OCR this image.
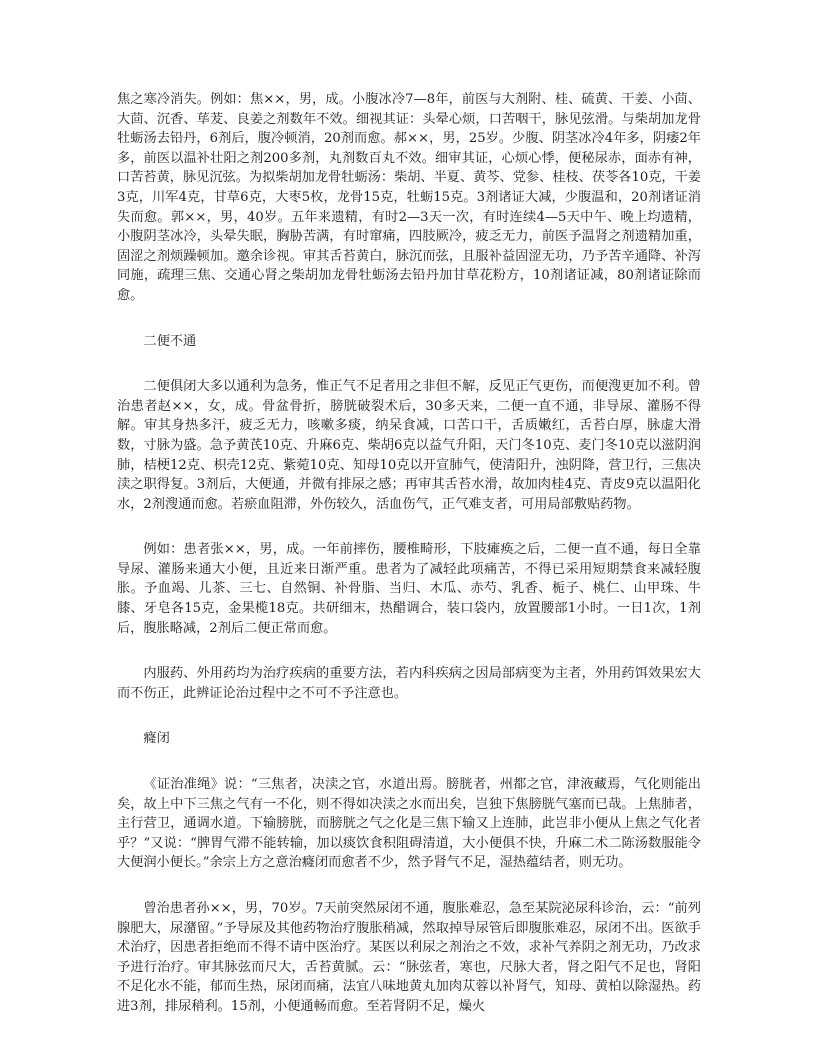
焦之寒冷消失。例如：焦××，男，成。小腹冰冷7—8年，前医与大剂附、桂、硫黄、干姜、小茴、大茴、沉香、荜茇、良姜之剂数年不效。细视其证：头晕心烦，口苦咽干，脉见弦滑。与柴胡加龙骨牡蛎汤去铅丹，6剂后，腹冷顿消，20剂而愈。郝××，男，25岁。少腹、阴茎冰冷4年多，阴痿2年多，前医以温补壮阳之剂200多剂，丸剂数百丸不效。细审其证，心烦心悸，便秘尿赤，面赤有神，口苦苔黄，脉见沉弦。为拟柴胡加龙骨牡蛎汤：柴胡、半夏、黄芩、党参、桂枝、茯苓各10克，干姜3克，川军4克，甘草6克，大枣5枚，龙骨15克，牡蛎15克。3剂诸证大减，少腹温和，20剂诸证消失而愈。郭××，男，40岁。五年来遗精，有时2—3天一次，有时连续4—5天中午、晚上均遗精，小腹阴茎冰冷，头晕失眠，胸胁苦满，有时窜痛，四肢厥冷，疲乏无力，前医予温肾之剂遗精加重，固涩之剂烦躁顿加。邀余诊视。审其舌苔黄白，脉沉而弦，且服补益固涩无功，乃予苦辛通降、补泻同施，疏理三焦、交通心肾之柴胡加龙骨牡蛎汤去铅丹加甘草花粉方，10剂诸证减，80剂诸证除而愈。

二便不通

二便俱闭大多以通利为急务，惟正气不足者用之非但不解，反见正气更伤，而便溲更加不利。曾治患者赵××，女，成。骨盆骨折，膀胱破裂术后，30多天来，二便一直不通，非导尿、灌肠不得解。审其身热多汗，疲乏无力，咳嗽多痰，纳呆食减，口苦口干，舌质嫩红，舌苔白厚，脉虚大滑数，寸脉为盛。急予黄芪10克、升麻6克、柴胡6克以益气升阳，天门冬10克、麦门冬10克以滋阴润肺，桔梗12克、枳壳12克、紫菀10克、知母10克以开宣肺气，使清阳升，浊阴降，营卫行，三焦决渎之职得复。3剂后，大便通，并微有排尿之感；再审其舌苔水滑，故加肉桂4克、青皮9克以温阳化水，2剂溲通而愈。若瘀血阻滞，外伤较久，活血伤气，正气难支者，可用局部敷贴药物。

例如：患者张××，男，成。一年前摔伤，腰椎畸形，下肢瘫痪之后，二便一直不通，每日全靠导尿、灌肠来通大小便，且近来日渐严重。患者为了减轻此项痛苦，不得已采用短期禁食来减轻腹胀。予血竭、儿茶、三七、自然铜、补骨脂、当归、木瓜、赤芍、乳香、栀子、桃仁、山甲珠、牛膝、牙皂各15克，金果榄18克。共研细末，热醋调合，装口袋内，放置腰部1小时。一日1次，1剂后，腹胀略减，2剂后二便正常而愈。

内服药、外用药均为治疗疾病的重要方法，若内科疾病之因局部病变为主者，外用药饵效果宏大而不伤正，此辨证论治过程中之不可不予注意也。

癃闭

《证治准绳》说：“三焦者，决渎之官，水道出焉。膀胱者，州都之官，津液藏焉，气化则能出矣，故上中下三焦之气有一不化，则不得如决渎之水而出矣，岂独下焦膀胱气塞而已哉。上焦肺者，主行营卫，通调水道。下输膀胱，而膀胱之气之化是三焦下输又上连肺，此岂非小便从上焦之气化者乎？”又说：“脾胃气滞不能转输，加以痰饮食积阻碍清道，大小便俱不快，升麻二术二陈汤数服能令大便润小便长。”余宗上方之意治癃闭而愈者不少，然予肾气不足，湿热蕴结者，则无功。

曾治患者孙××，男，70岁。7天前突然尿闭不通，腹胀难忍，急至某院泌尿科诊治，云：“前列腺肥大，尿潴留。”予导尿及其他药物治疗腹胀稍减，然取掉导尿管后即腹胀难忍，尿闭不出。医欲手术治疗，因患者拒绝而不得不请中医治疗。某医以利尿之剂治之不效，求补气养阴之剂无功，乃改求予进行治疗。审其脉弦而尺大，舌苔黄腻。云：“脉弦者，寒也，尺脉大者，肾之阳气不足也，肾阳不足化水不能，郁而生热，尿闭而痛，法宜八味地黄丸加肉苁蓉以补肾气，知母、黄柏以除湿热。药进3剂，排尿稍利。15剂，小便通畅而愈。至若肾阴不足，燥火
